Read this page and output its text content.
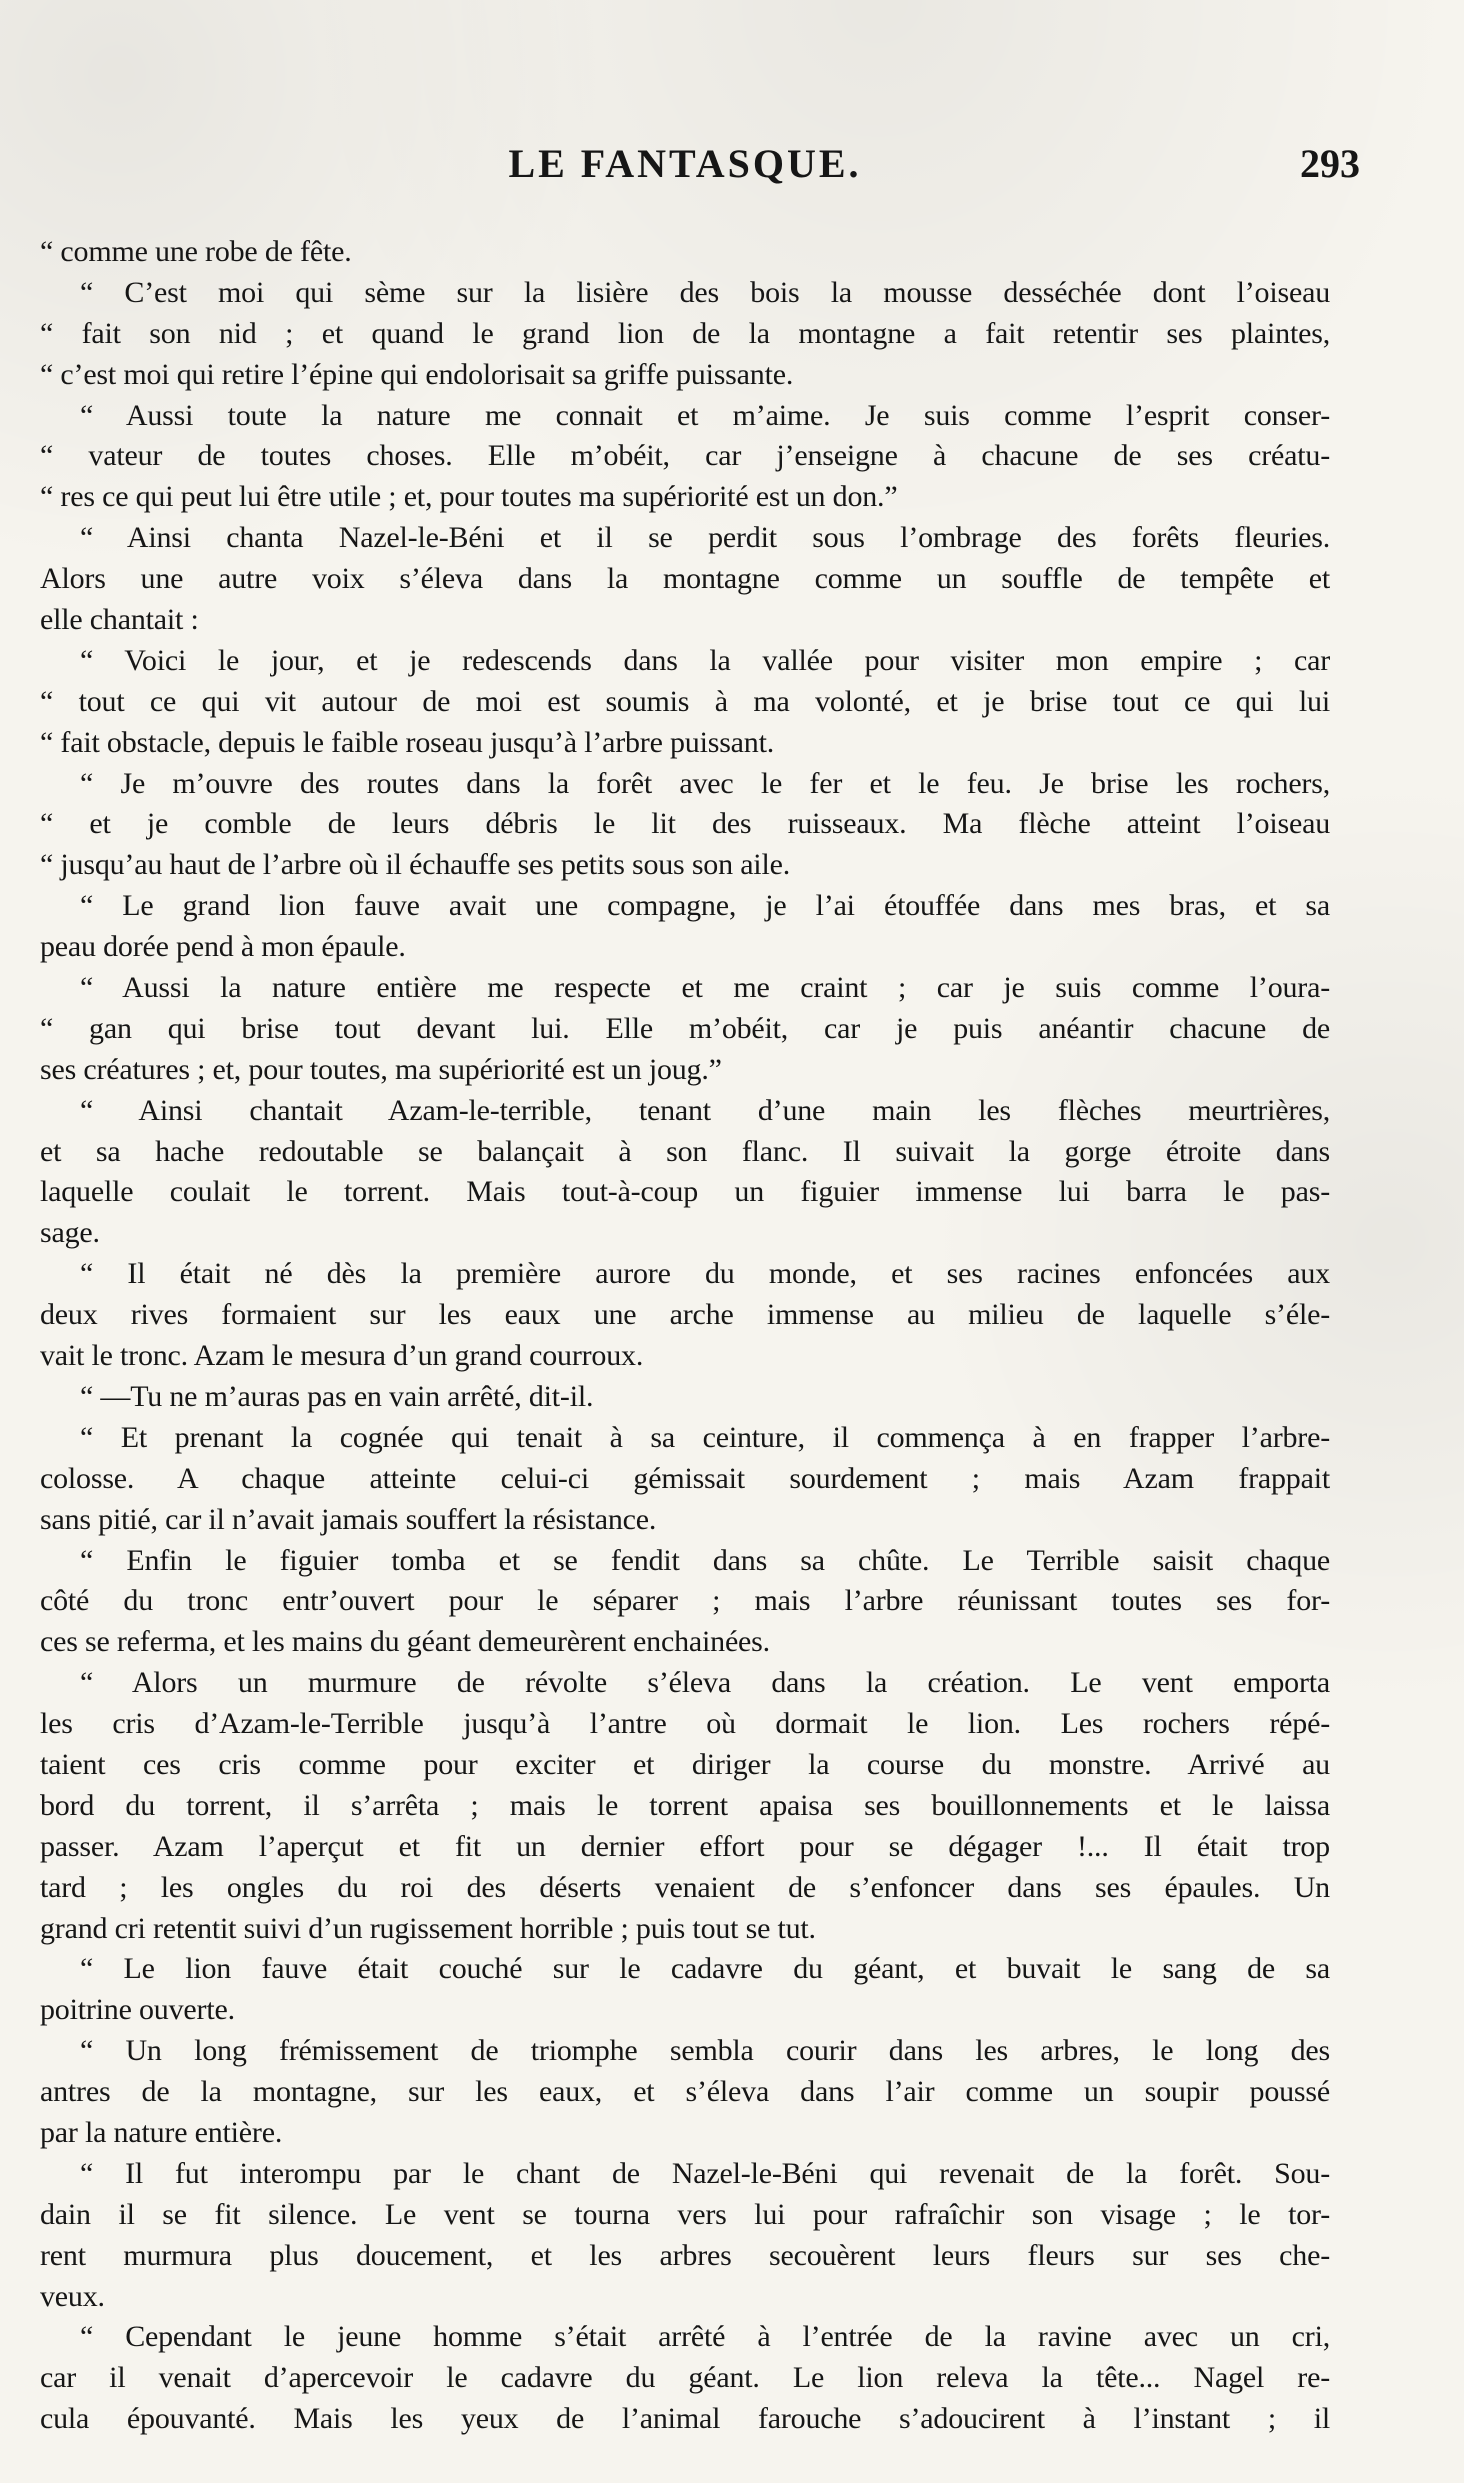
LE FANTASQUE.	293
“ comme une robe de fête.
“ C’est moi qui sème sur la lisière des bois la mousse desséchée dont l’oiseau
“ fait son nid ; et quand le grand lion de la montagne a fait retentir ses plaintes,
“ c’est moi qui retire l’épine qui endolorisait sa griffe puissante.
“ Aussi toute la nature me connait et m’aime. Je suis comme l’esprit conser-
“ vateur de toutes choses. Elle m’obéit, car j’enseigne à chacune de ses créatu-
“ res ce qui peut lui être utile ; et, pour toutes ma supériorité est un don.”
“ Ainsi chanta Nazel-le-Béni et il se perdit sous l’ombrage des forêts fleuries.
Alors une autre voix s’éleva dans la montagne comme un souffle de tempête et
elle chantait :
“ Voici le jour, et je redescends dans la vallée pour visiter mon empire ; car
“ tout ce qui vit autour de moi est soumis à ma volonté, et je brise tout ce qui lui
“ fait obstacle, depuis le faible roseau jusqu’à l’arbre puissant.
“ Je m’ouvre des routes dans la forêt avec le fer et le feu. Je brise les rochers,
“ et je comble de leurs débris le lit des ruisseaux. Ma flèche atteint l’oiseau
“ jusqu’au haut de l’arbre où il échauffe ses petits sous son aile.
“ Le grand lion fauve avait une compagne, je l’ai étouffée dans mes bras, et sa
peau dorée pend à mon épaule.
“ Aussi la nature entière me respecte et me craint ; car je suis comme l’oura-
“ gan qui brise tout devant lui. Elle m’obéit, car je puis anéantir chacune de
ses créatures ; et, pour toutes, ma supériorité est un joug.”
“ Ainsi chantait Azam-le-terrible, tenant d’une main les flèches meurtrières,
et sa hache redoutable se balançait à son flanc. Il suivait la gorge étroite dans
laquelle coulait le torrent. Mais tout-à-coup un figuier immense lui barra le pas-
sage.
“ Il était né dès la première aurore du monde, et ses racines enfoncées aux
deux rives formaient sur les eaux une arche immense au milieu de laquelle s’éle-
vait le tronc. Azam le mesura d’un grand courroux.
“ —Tu ne m’auras pas en vain arrêté, dit-il.
“ Et prenant la cognée qui tenait à sa ceinture, il commença à en frapper l’arbre-
colosse. A chaque atteinte celui-ci gémissait sourdement ; mais Azam frappait
sans pitié, car il n’avait jamais souffert la résistance.
“ Enfin le figuier tomba et se fendit dans sa chûte. Le Terrible saisit chaque
côté du tronc entr’ouvert pour le séparer ; mais l’arbre réunissant toutes ses for-
ces se referma, et les mains du géant demeurèrent enchainées.
“ Alors un murmure de révolte s’éleva dans la création. Le vent emporta
les cris d’Azam-le-Terrible jusqu’à l’antre où dormait le lion. Les rochers répé-
taient ces cris comme pour exciter et diriger la course du monstre. Arrivé au
bord du torrent, il s’arrêta ; mais le torrent apaisa ses bouillonnements et le laissa
passer. Azam l’aperçut et fit un dernier effort pour se dégager !... Il était trop
tard ; les ongles du roi des déserts venaient de s’enfoncer dans ses épaules. Un
grand cri retentit suivi d’un rugissement horrible ; puis tout se tut.
“ Le lion fauve était couché sur le cadavre du géant, et buvait le sang de sa
poitrine ouverte.
“ Un long frémissement de triomphe sembla courir dans les arbres, le long des
antres de la montagne, sur les eaux, et s’éleva dans l’air comme un soupir poussé
par la nature entière.
“ Il fut interompu par le chant de Nazel-le-Béni qui revenait de la forêt. Sou-
dain il se fit silence. Le vent se tourna vers lui pour rafraîchir son visage ; le tor-
rent murmura plus doucement, et les arbres secouèrent leurs fleurs sur ses che-
veux.
“ Cependant le jeune homme s’était arrêté à l’entrée de la ravine avec un cri,
car il venait d’apercevoir le cadavre du géant. Le lion releva la tête... Nagel re-
cula épouvanté. Mais les yeux de l’animal farouche s’adoucirent à l’instant ; il
